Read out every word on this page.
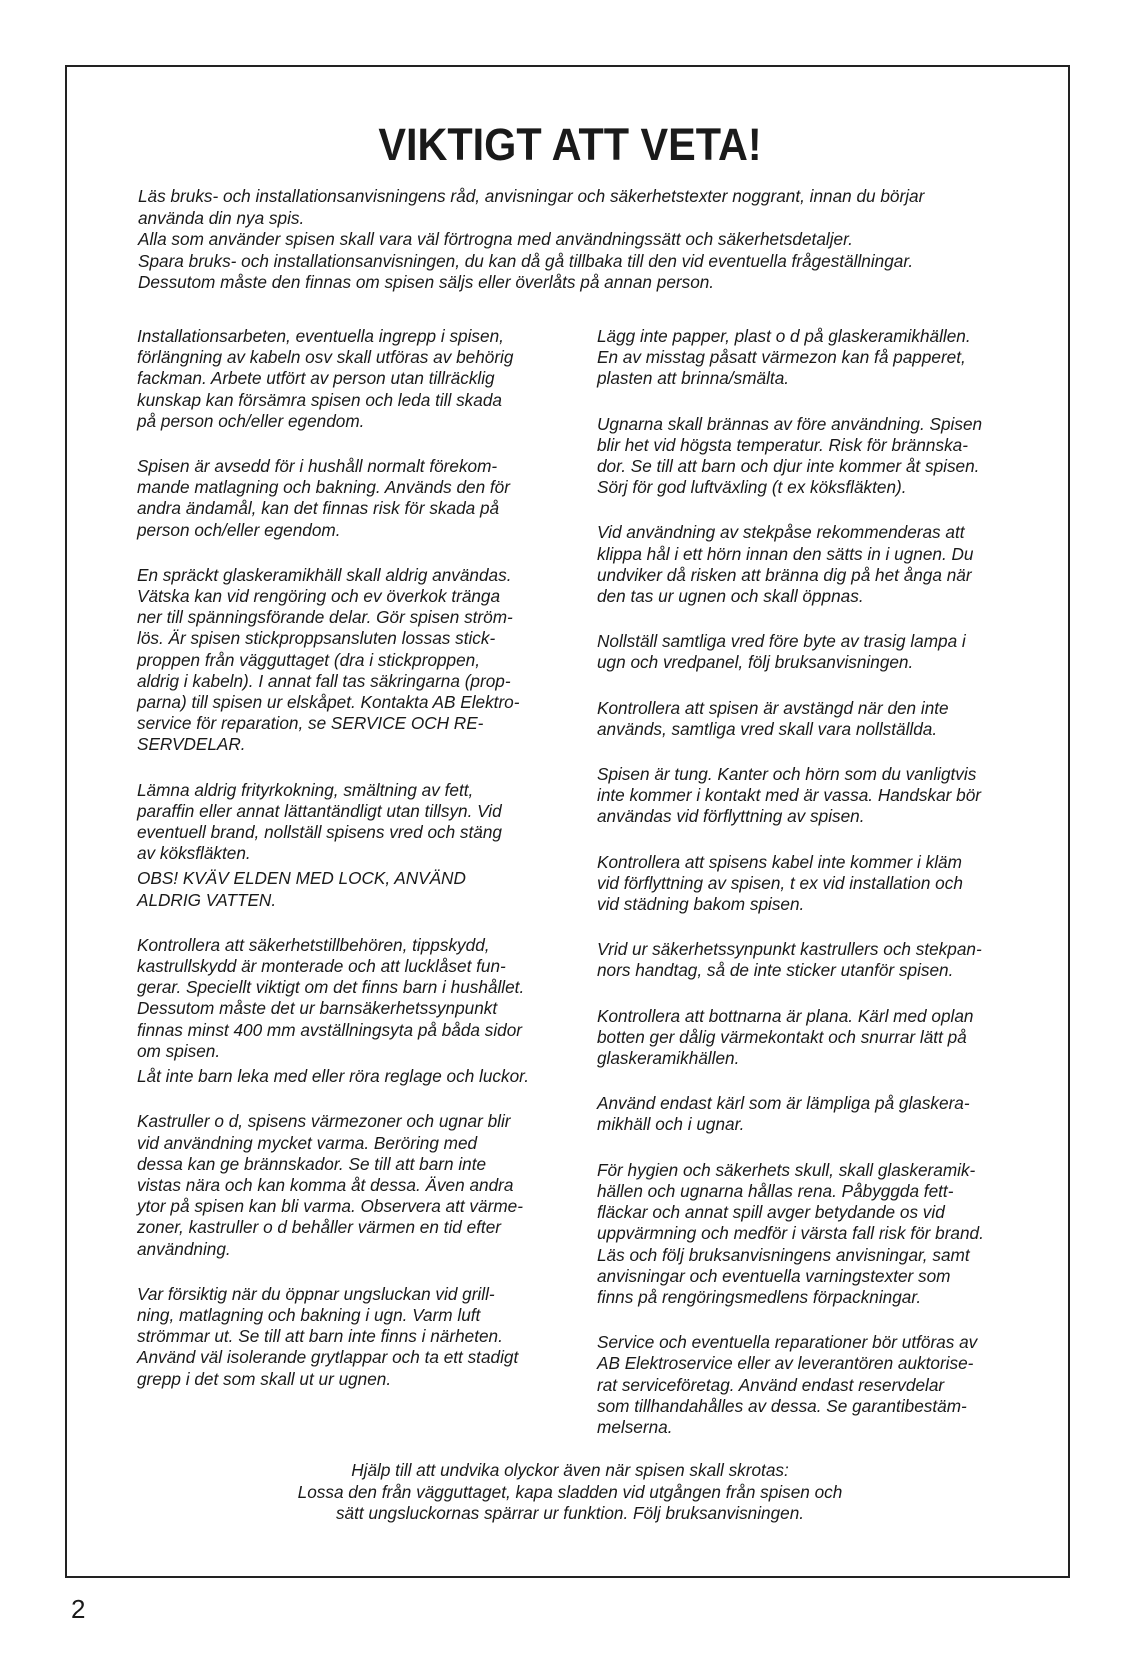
VIKTIGT ATT VETA!

Läs bruks- och installationsanvisningens råd, anvisningar och säkerhetstexter noggrant, innan du börjar

använda din nya spis.

Alla som använder spisen skall vara väl förtrogna med användningssätt och säkerhetsdetaljer.

Spara bruks- och installationsanvisningen, du kan då gå tillbaka till den vid eventuella frågeställningar.

Dessutom måste den finnas om spisen säljs eller överlåts på annan person.

Installationsarbeten, eventuella ingrepp i spisen,

förlängning av kabeln osv skall utföras av behörig

fackman. Arbete utfört av person utan tillräcklig

kunskap kan försämra spisen och leda till skada

på person och/eller egendom.

Spisen är avsedd för i hushåll normalt förekom-

mande matlagning och bakning. Används den för

andra ändamål, kan det finnas risk för skada på

person och/eller egendom.

En spräckt glaskeramikhäll skall aldrig användas.

Vätska kan vid rengöring och ev överkok tränga

ner till spänningsförande delar. Gör spisen ström-

lös. Är spisen stickproppsansluten lossas stick-

proppen från vägguttaget (dra i stickproppen,

aldrig i kabeln). I annat fall tas säkringarna (prop-

parna) till spisen ur elskåpet. Kontakta AB Elektro-

service för reparation, se SERVICE OCH RE-

SERVDELAR.

Lämna aldrig frityrkokning, smältning av fett,

paraffin eller annat lättantändligt utan tillsyn. Vid

eventuell brand, nollställ spisens vred och stäng

av köksfläkten.

OBS! KVÄV ELDEN MED LOCK, ANVÄND

ALDRIG VATTEN.

Kontrollera att säkerhetstillbehören, tippskydd,

kastrullskydd är monterade och att lucklåset fun-

gerar. Speciellt viktigt om det finns barn i hushållet.

Dessutom måste det ur barnsäkerhetssynpunkt

finnas minst 400 mm avställningsyta på båda sidor

om spisen.

Låt inte barn leka med eller röra reglage och luckor.

Kastruller o d, spisens värmezoner och ugnar blir

vid användning mycket varma. Beröring med

dessa kan ge brännskador. Se till att barn inte

vistas nära och kan komma åt dessa. Även andra

ytor på spisen kan bli varma. Observera att värme-

zoner, kastruller o d behåller värmen en tid efter

användning.

Var försiktig när du öppnar ungsluckan vid grill-

ning, matlagning och bakning i ugn. Varm luft

strömmar ut. Se till att barn inte finns i närheten.

Använd väl isolerande grytlappar och ta ett stadigt

grepp i det som skall ut ur ugnen.

Lägg inte papper, plast o d på glaskeramikhällen.

En av misstag påsatt värmezon kan få papperet,

plasten att brinna/smälta.

Ugnarna skall brännas av före användning. Spisen

blir het vid högsta temperatur. Risk för brännska-

dor. Se till att barn och djur inte kommer åt spisen.

Sörj för god luftväxling (t ex köksfläkten).

Vid användning av stekpåse rekommenderas att

klippa hål i ett hörn innan den sätts in i ugnen. Du

undviker då risken att bränna dig på het ånga när

den tas ur ugnen och skall öppnas.

Nollställ samtliga vred före byte av trasig lampa i

ugn och vredpanel, följ bruksanvisningen.

Kontrollera att spisen är avstängd när den inte

används, samtliga vred skall vara nollställda.

Spisen är tung. Kanter och hörn som du vanligtvis

inte kommer i kontakt med är vassa. Handskar bör

användas vid förflyttning av spisen.

Kontrollera att spisens kabel inte kommer i kläm

vid förflyttning av spisen, t ex vid installation och

vid städning bakom spisen.

Vrid ur säkerhetssynpunkt kastrullers och stekpan-

nors handtag, så de inte sticker utanför spisen.

Kontrollera att bottnarna är plana. Kärl med oplan

botten ger dålig värmekontakt och snurrar lätt på

glaskeramikhällen.

Använd endast kärl som är lämpliga på glaskera-

mikhäll och i ugnar.

För hygien och säkerhets skull, skall glaskeramik-

hällen och ugnarna hållas rena. Påbyggda fett-

fläckar och annat spill avger betydande os vid

uppvärmning och medför i värsta fall risk för brand.

Läs och följ bruksanvisningens anvisningar, samt

anvisningar och eventuella varningstexter som

finns på rengöringsmedlens förpackningar.

Service och eventuella reparationer bör utföras av

AB Elektroservice eller av leverantören auktorise-

rat serviceföretag. Använd endast reservdelar

som tillhandahålles av dessa. Se garantibestäm-

melserna.

Hjälp till att undvika olyckor även när spisen skall skrotas:

Lossa den från vägguttaget, kapa sladden vid utgången från spisen och

sätt ungsluckornas spärrar ur funktion. Följ bruksanvisningen.

2
